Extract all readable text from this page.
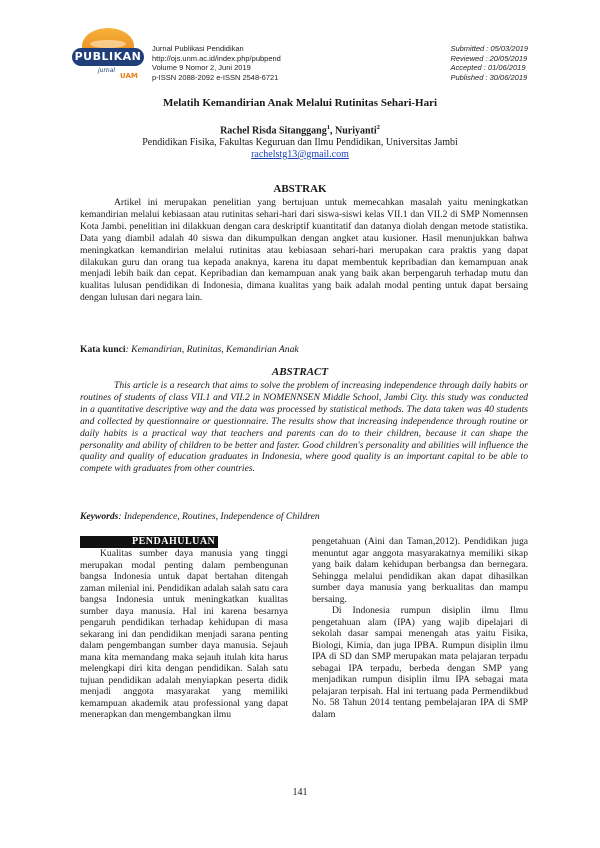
PUBLIKAN
jurnal
UAM
Jurnal Publikasi Pendidikan
http://ojs.unm.ac.id/index.php/pubpend
Volume 9 Nomor 2, Juni 2019
p-ISSN 2088-2092 e-ISSN 2548-6721
Submitted : 05/03/2019
Reviewed : 20/05/2019
Accepted : 01/06/2019
Published : 30/06/2019
Melatih Kemandirian Anak Melalui Rutinitas Sehari-Hari
Rachel Risda Sitanggang$^1$, Nuriyanti$^2$
Pendidikan Fisika, Fakultas Keguruan dan Ilmu Pendidikan, Universitas Jambi
rachelstg13@gmail.com
ABSTRAK
Artikel ini merupakan penelitian yang bertujuan untuk memecahkan masalah yaitu meningkatkan kemandirian melalui kebiasaan atau rutinitas sehari-hari dari siswa-siswi kelas VII.1 dan VII.2 di SMP Nomennsen Kota Jambi. penelitian ini dilakkuan dengan cara deskriptif kuantitatif dan datanya diolah dengan metode statistika. Data yang diambil adalah 40 siswa dan dikumpulkan dengan angket atau kusioner. Hasil menunjukkan bahwa meningkatkan kemandirian melalui rutinitas atau kebiasaan sehari-hari merupakan cara praktis yang dapat dilakukan guru dan orang tua kepada anaknya, karena itu dapat membentuk kepribadian dan kemampuan anak menjadi lebih baik dan cepat. Kepribadian dan kemampuan anak yang baik akan berpengaruh terhadap mutu dan kualitas lulusan pendidikan di Indonesia, dimana kualitas yang baik adalah modal penting untuk dapat bersaing dengan lulusan dari negara lain.
Kata kunci: Kemandirian, Rutinitas, Kemandirian Anak
ABSTRACT
This article is a research that aims to solve the problem of increasing independence through daily habits or routines of students of class VII.1 and VII.2 in NOMENNSEN Middle School, Jambi City. this study was conducted in a quantitative descriptive way and the data was processed by statistical methods. The data taken was 40 students and collected by questionnaire or questionnaire. The results show that increasing independence through routine or daily habits is a practical way that teachers and parents can do to their children, because it can shape the personality and ability of children to be better and faster. Good children's personality and abilities will influence the quality and quality of education graduates in Indonesia, where good quality is an important capital to be able to compete with graduates from other countries.
Keywords: Independence, Routines, Independence of Children
PENDAHULUAN

Kualitas sumber daya manusia yang tinggi merupakan modal penting dalam pembengunan bangsa Indonesia untuk dapat bertahan ditengah zaman milenial ini. Pendidikan adalah salah satu cara bangsa Indonesia untuk meningkatkan kualitas sumber daya manusia. Hal ini karena besarnya pengaruh pendidikan terhadap kehidupan di masa sekarang ini dan pendidikan menjadi sarana penting dalam pengembangan sumber daya manusia. Sejauh mana kita memandang maka sejauh itulah kita harus melengkapi diri kita dengan pendidikan. Salah satu tujuan pendidikan adalah menyiapkan peserta didik menjadi anggota masyarakat yang memiliki kemampuan akademik atau professional yang dapat menerapkan dan mengembangkan ilmu

pengetahuan (Aini dan Taman,2012). Pendidikan juga menuntut agar anggota masyarakatnya memiliki sikap yang baik dalam kehidupan berbangsa dan bernegara. Sehingga melalui pendidikan akan dapat dihasilkan sumber daya manusia yang berkualitas dan mampu bersaing.

Di Indonesia rumpun disiplin ilmu Ilmu pengetahuan alam (IPA) yang wajib dipelajari di sekolah dasar sampai menengah atas yaitu Fisika, Biologi, Kimia, dan juga IPBA. Rumpun disiplin ilmu IPA di SD dan SMP merupakan mata pelajaran terpadu sebagai IPA terpadu, berbeda dengan SMP yang menjadikan rumpun disiplin ilmu IPA sebagai mata pelajaran terpisah. Hal ini tertuang pada Permendikbud No. 58 Tahun 2014 tentang pembelajaran IPA di SMP dalam

141
